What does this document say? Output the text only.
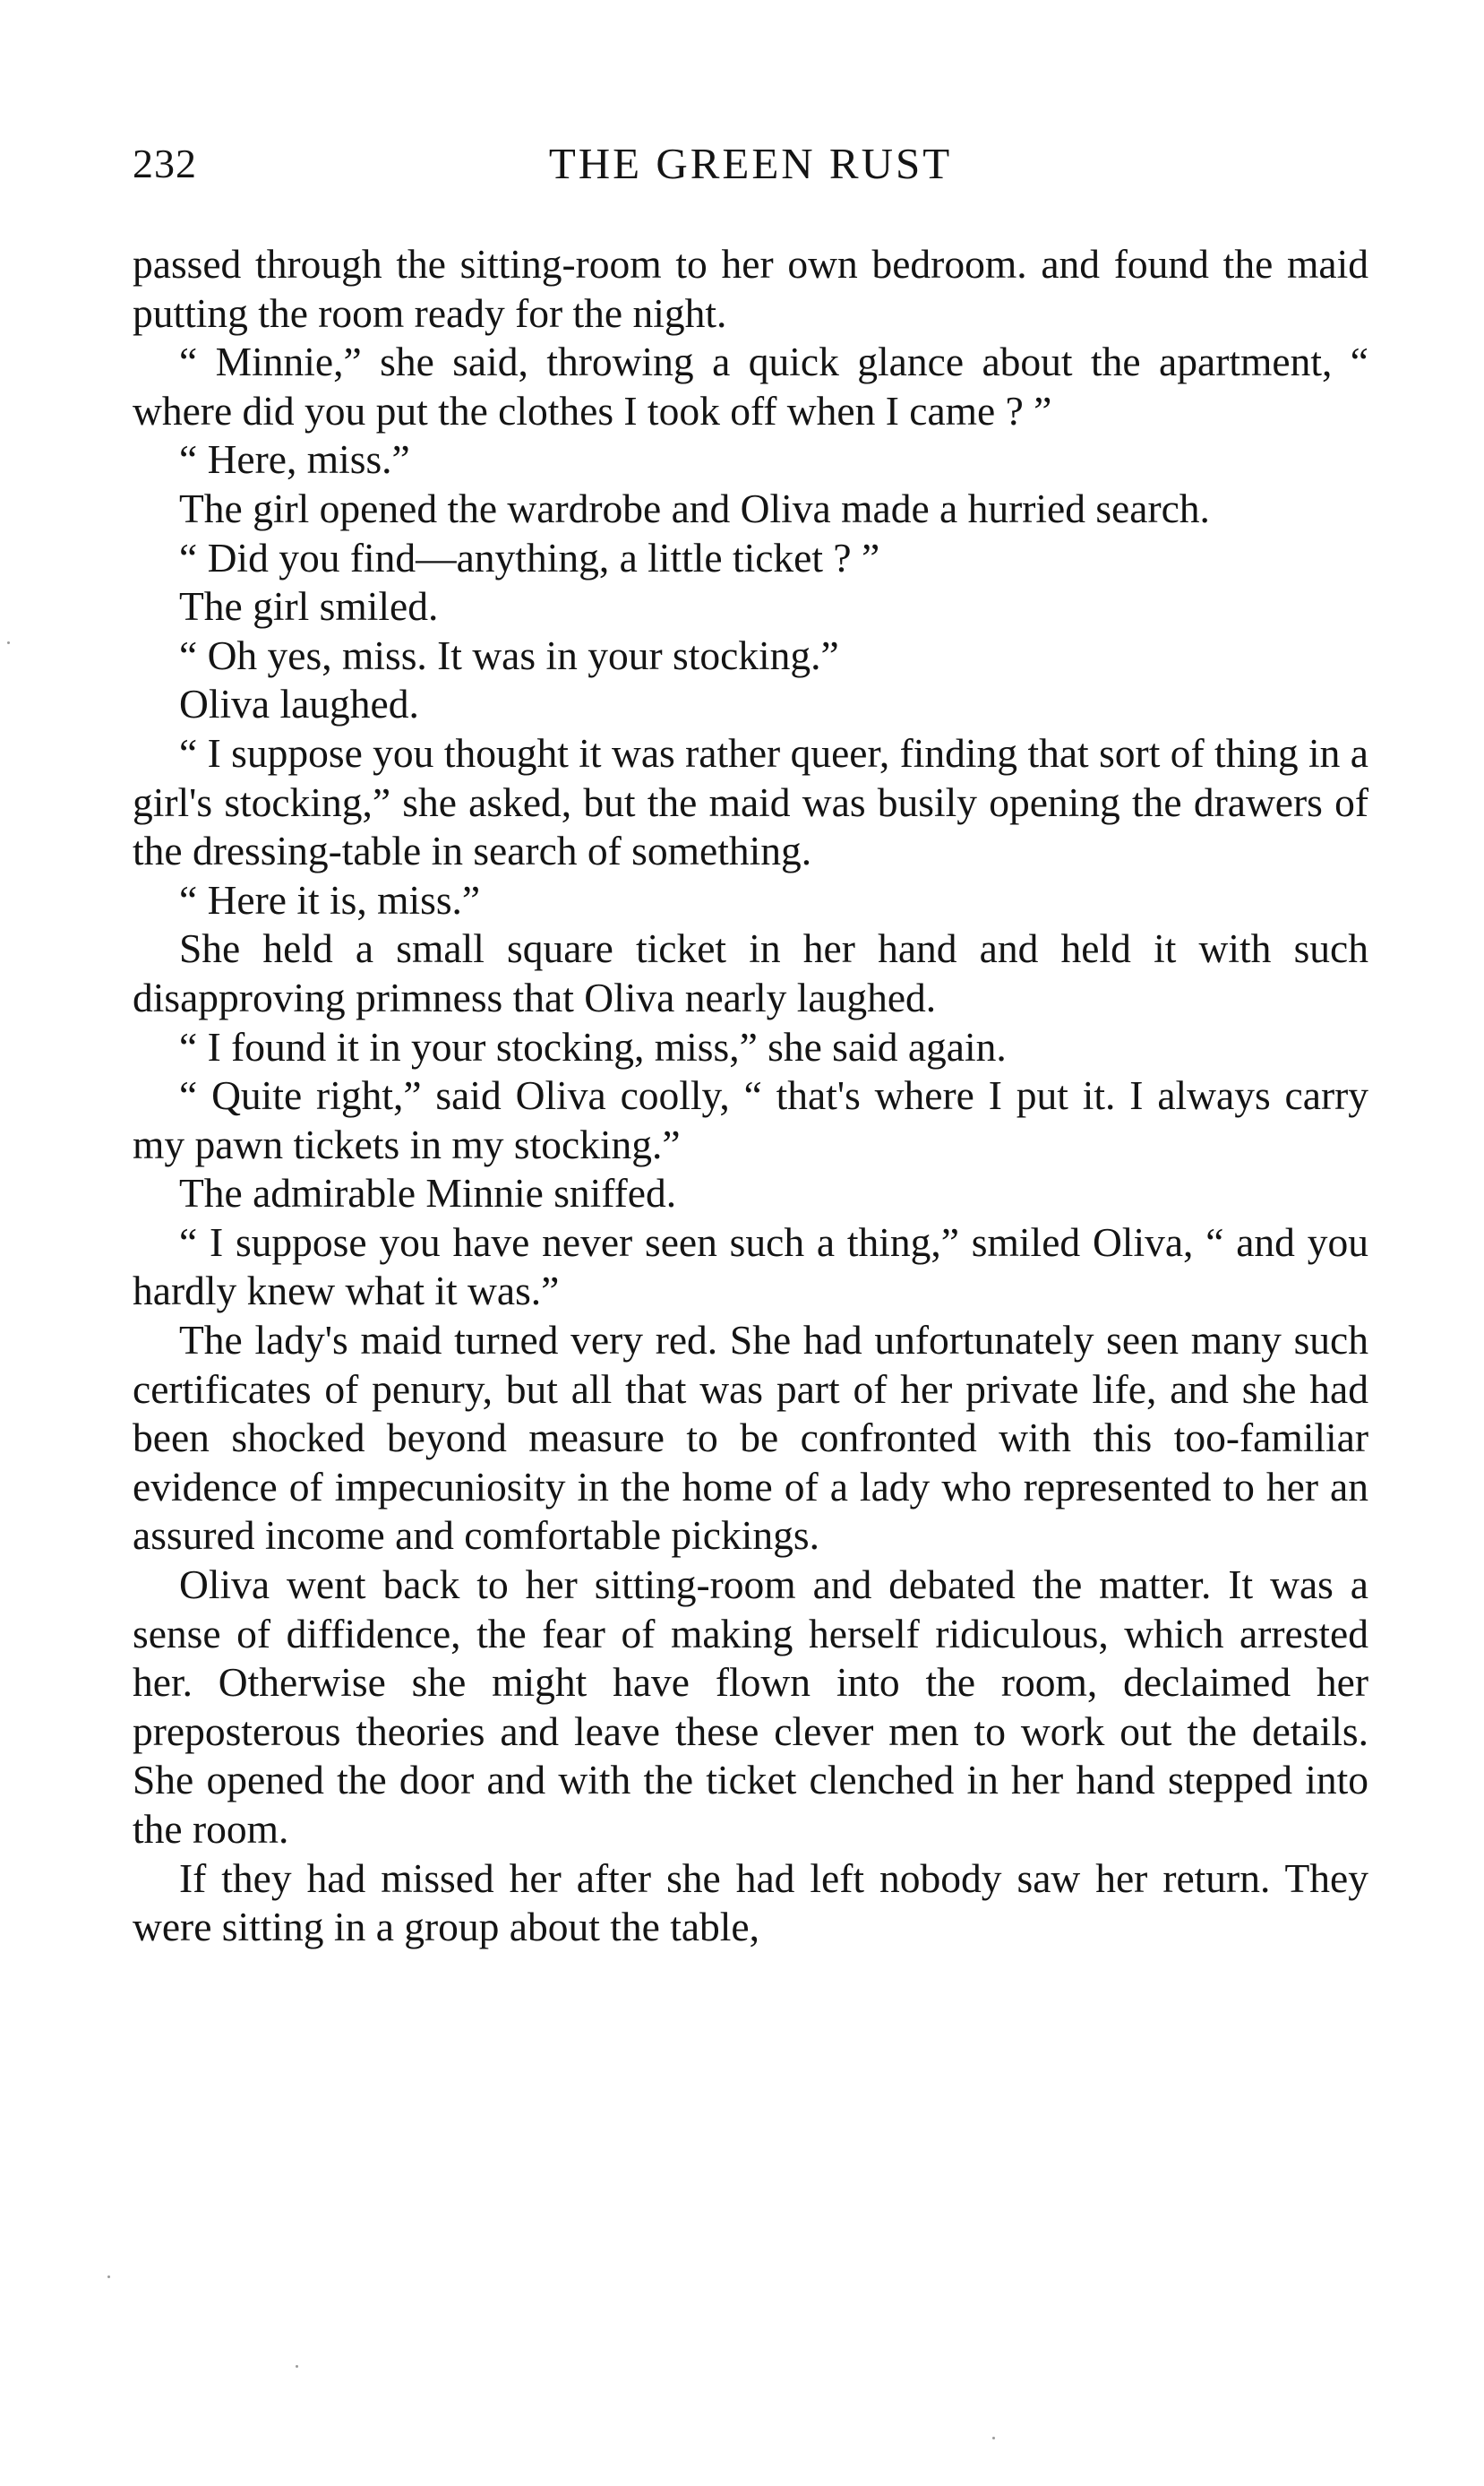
232	THE GREEN RUST

passed through the sitting-room to her own bedroom. and found the maid putting the room ready for the night.

“ Minnie,” she said, throwing a quick glance about the apartment, “ where did you put the clothes I took off when I came ? ”

“ Here, miss.”

The girl opened the wardrobe and Oliva made a hurried search.

“ Did you find—anything, a little ticket ? ”

The girl smiled.

“ Oh yes, miss. It was in your stocking.”

Oliva laughed.

“ I suppose you thought it was rather queer, finding that sort of thing in a girl's stocking,” she asked, but the maid was busily opening the drawers of the dressing-table in search of something.

“ Here it is, miss.”

She held a small square ticket in her hand and held it with such disapproving primness that Oliva nearly laughed.

“ I found it in your stocking, miss,” she said again.

“ Quite right,” said Oliva coolly, “ that's where I put it. I always carry my pawn tickets in my stocking.”

The admirable Minnie sniffed.

“ I suppose you have never seen such a thing,” smiled Oliva, “ and you hardly knew what it was.”

The lady's maid turned very red. She had unfortunately seen many such certificates of penury, but all that was part of her private life, and she had been shocked beyond measure to be confronted with this too-familiar evidence of impecuniosity in the home of a lady who represented to her an assured income and comfortable pickings.

Oliva went back to her sitting-room and debated the matter. It was a sense of diffidence, the fear of making herself ridiculous, which arrested her. Otherwise she might have flown into the room, declaimed her preposterous theories and leave these clever men to work out the details. She opened the door and with the ticket clenched in her hand stepped into the room.

If they had missed her after she had left nobody saw her return. They were sitting in a group about the table,
